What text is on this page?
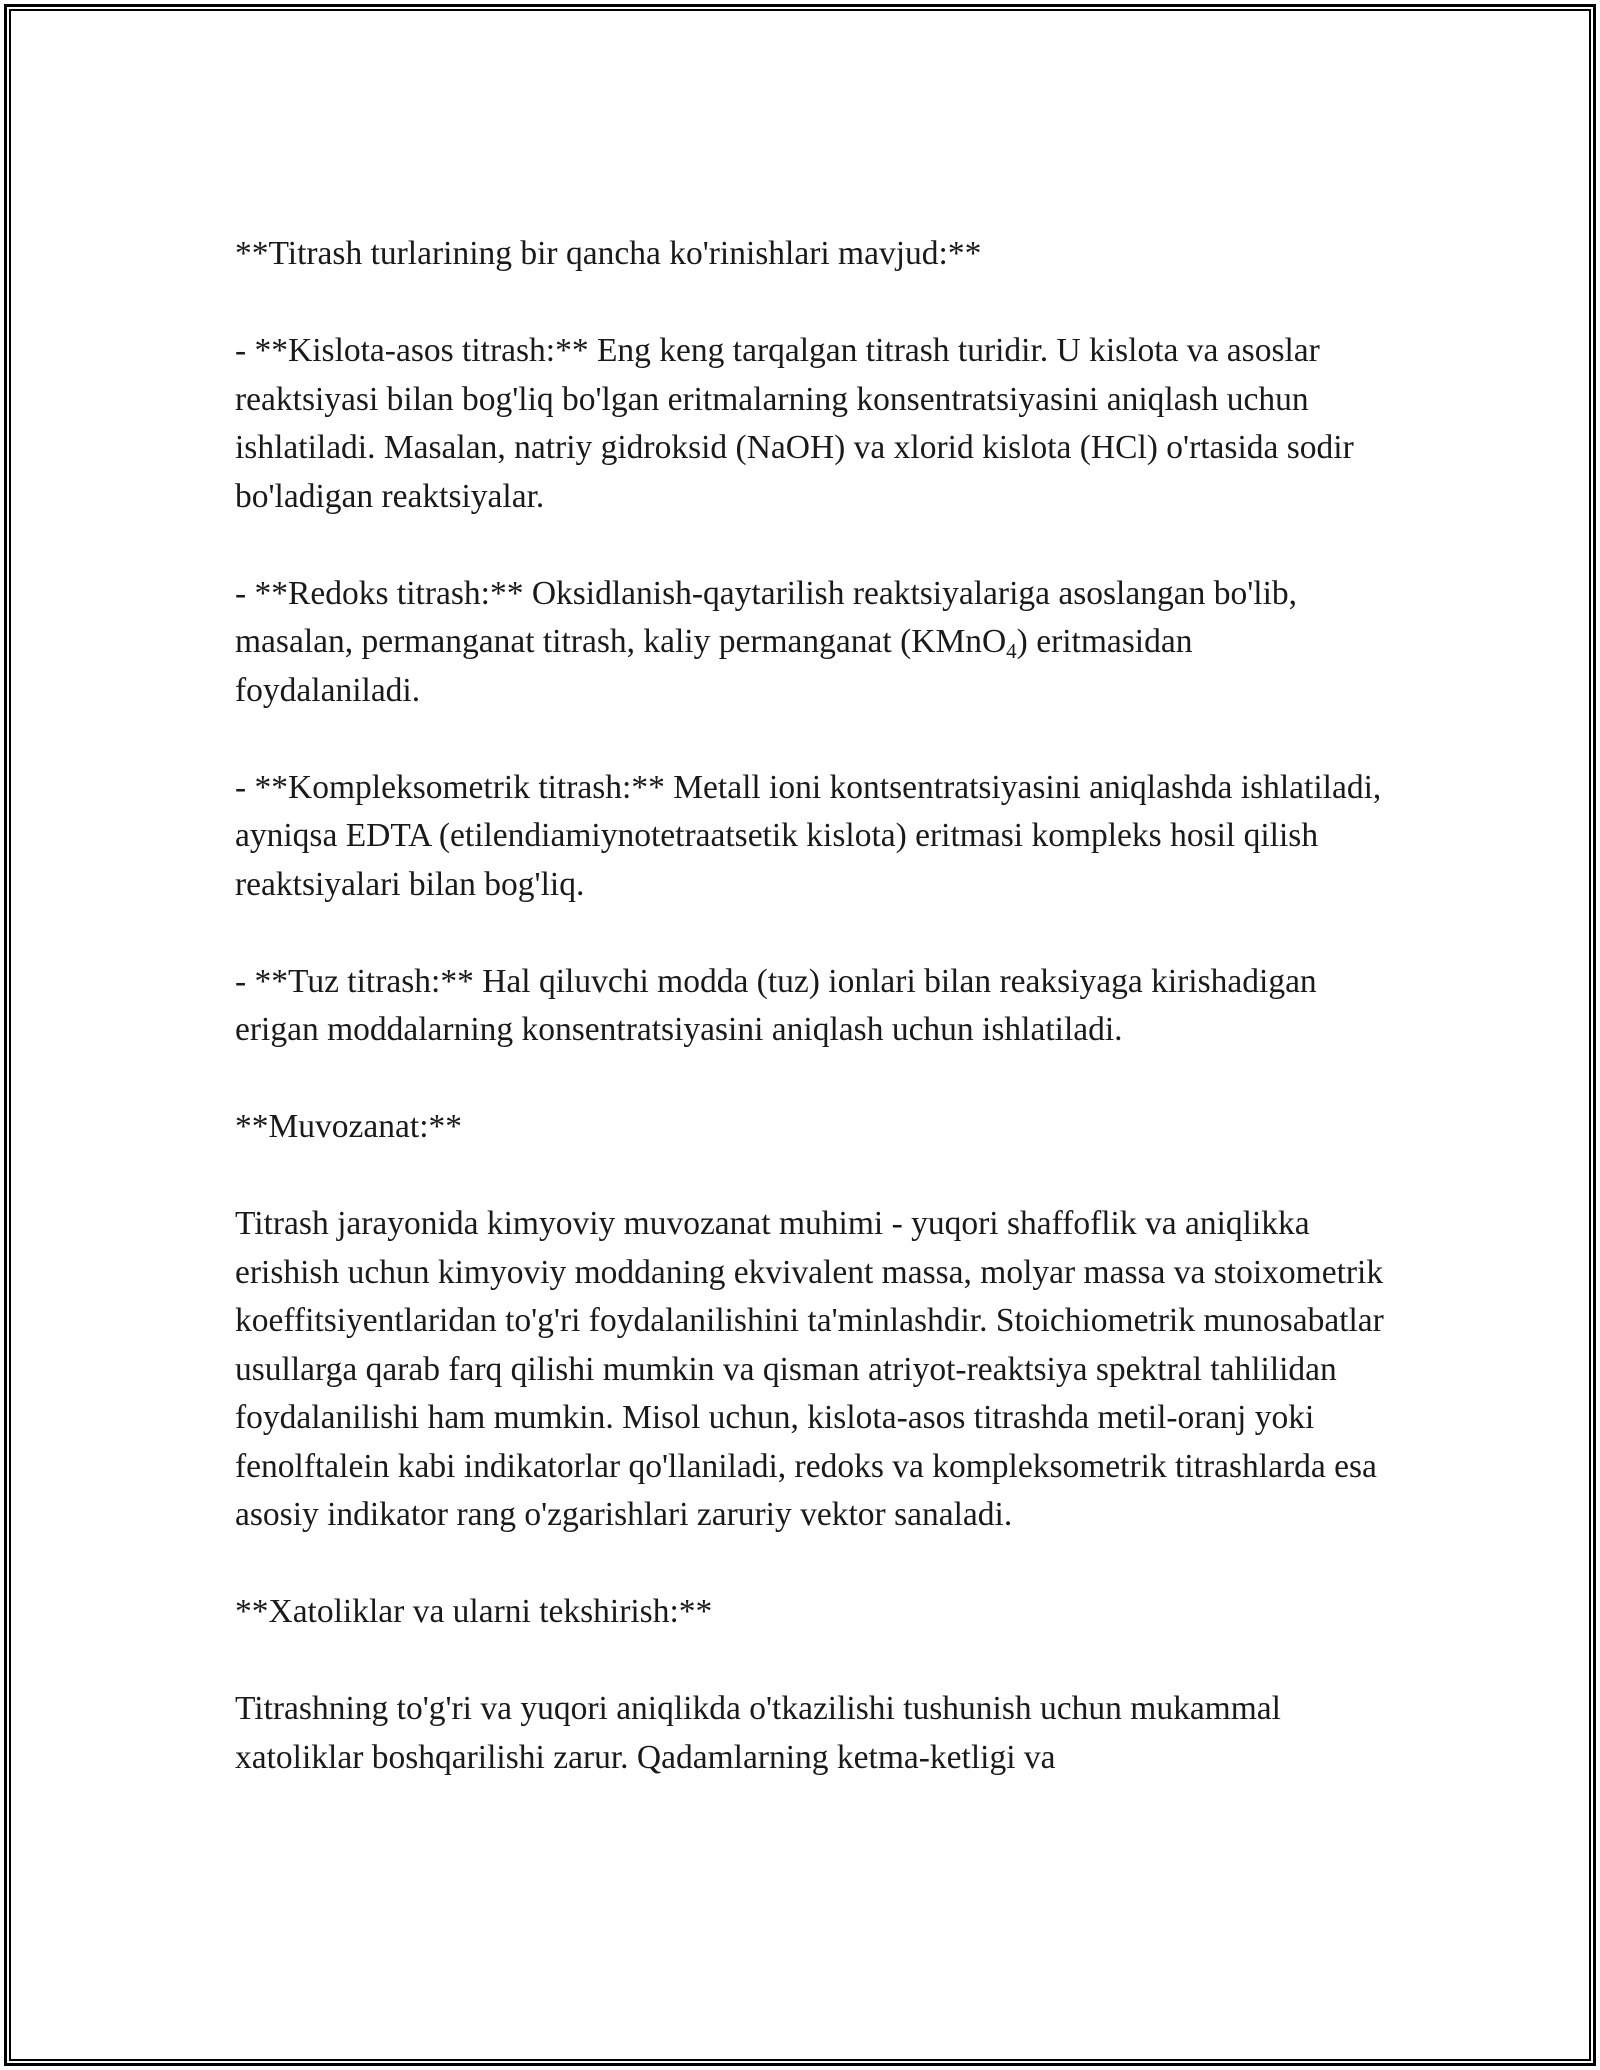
**Titrash turlarining bir qancha ko'rinishlari mavjud:**

- **Kislota-asos titrash:** Eng keng tarqalgan titrash turidir. U kislota va asoslar reaktsiyasi bilan bog'liq bo'lgan eritmalarning konsentratsiyasini aniqlash uchun ishlatiladi. Masalan, natriy gidroksid (NaOH) va xlorid kislota (HCl) o'rtasida sodir bo'ladigan reaktsiyalar.

- **Redoks titrash:** Oksidlanish-qaytarilish reaktsiyalariga asoslangan bo'lib, masalan, permanganat titrash, kaliy permanganat (KMnO$_4$) eritmasidan foydalaniladi.

- **Kompleksometrik titrash:** Metall ioni kontsentratsiyasini aniqlashda ishlatiladi, ayniqsa EDTA (etilendiamiynotetraatsetik kislota) eritmasi kompleks hosil qilish reaktsiyalari bilan bog'liq.

- **Tuz titrash:** Hal qiluvchi modda (tuz) ionlari bilan reaksiyaga kirishadigan erigan moddalarning konsentratsiyasini aniqlash uchun ishlatiladi.

**Muvozanat:**

Titrash jarayonida kimyoviy muvozanat muhimi - yuqori shaffoflik va aniqlikka erishish uchun kimyoviy moddaning ekvivalent massa, molyar massa va stoixometrik koeffitsiyentlaridan to'g'ri foydalanilishini ta'minlashdir. Stoichiometrik munosabatlar usullarga qarab farq qilishi mumkin va qisman atriyot-reaktsiya spektral tahlilidan foydalanilishi ham mumkin. Misol uchun, kislota-asos titrashda metil-oranj yoki fenolftalein kabi indikatorlar qo'llaniladi, redoks va kompleksometrik titrashlarda esa asosiy indikator rang o'zgarishlari zaruriy vektor sanaladi.

**Xatoliklar va ularni tekshirish:**

Titrashning to'g'ri va yuqori aniqlikda o'tkazilishi tushunish uchun mukammal xatoliklar boshqarilishi zarur. Qadamlarning ketma-ketligi va
